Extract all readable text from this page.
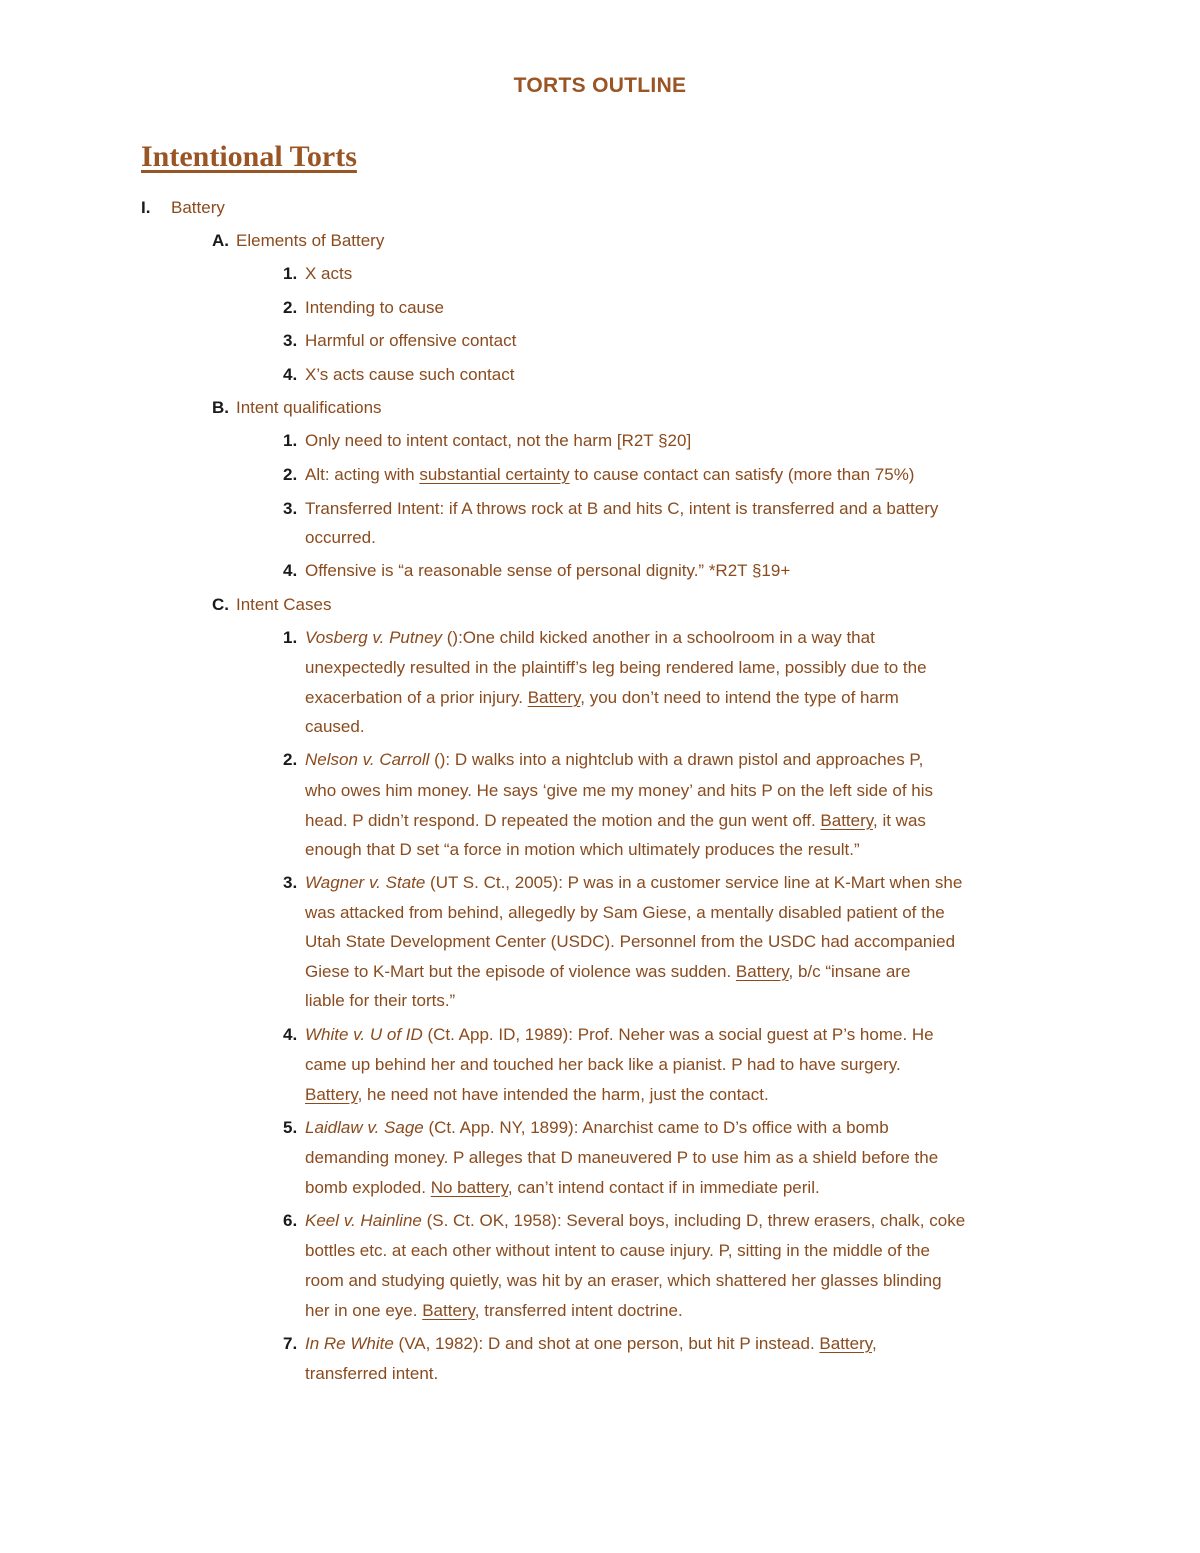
TORTS OUTLINE
Intentional Torts
I. Battery
A. Elements of Battery
1. X acts
2. Intending to cause
3. Harmful or offensive contact
4. X’s acts cause such contact
B. Intent qualifications
1. Only need to intent contact, not the harm [R2T §20]
2. Alt: acting with substantial certainty to cause contact can satisfy (more than 75%)
3. Transferred Intent: if A throws rock at B and hits C, intent is transferred and a battery
occurred.
4. Offensive is “a reasonable sense of personal dignity.” *R2T §19+
C. Intent Cases
1. Vosberg v. Putney ():One child kicked another in a schoolroom in a way that
unexpectedly resulted in the plaintiff’s leg being rendered lame, possibly due to the
exacerbation of a prior injury. Battery, you don’t need to intend the type of harm
caused.
2. Nelson v. Carroll (): D walks into a nightclub with a drawn pistol and approaches P,
who owes him money. He says ‘give me my money’ and hits P on the left side of his
head. P didn’t respond. D repeated the motion and the gun went off. Battery, it was
enough that D set “a force in motion which ultimately produces the result.”
3. Wagner v. State (UT S. Ct., 2005): P was in a customer service line at K-Mart when she
was attacked from behind, allegedly by Sam Giese, a mentally disabled patient of the
Utah State Development Center (USDC). Personnel from the USDC had accompanied
Giese to K-Mart but the episode of violence was sudden. Battery, b/c “insane are
liable for their torts.”
4. White v. U of ID (Ct. App. ID, 1989): Prof. Neher was a social guest at P’s home. He
came up behind her and touched her back like a pianist. P had to have surgery.
Battery, he need not have intended the harm, just the contact.
5. Laidlaw v. Sage (Ct. App. NY, 1899): Anarchist came to D’s office with a bomb
demanding money. P alleges that D maneuvered P to use him as a shield before the
bomb exploded. No battery, can’t intend contact if in immediate peril.
6. Keel v. Hainline (S. Ct. OK, 1958): Several boys, including D, threw erasers, chalk, coke
bottles etc. at each other without intent to cause injury. P, sitting in the middle of the
room and studying quietly, was hit by an eraser, which shattered her glasses blinding
her in one eye. Battery, transferred intent doctrine.
7. In Re White (VA, 1982): D and shot at one person, but hit P instead. Battery,
transferred intent.
